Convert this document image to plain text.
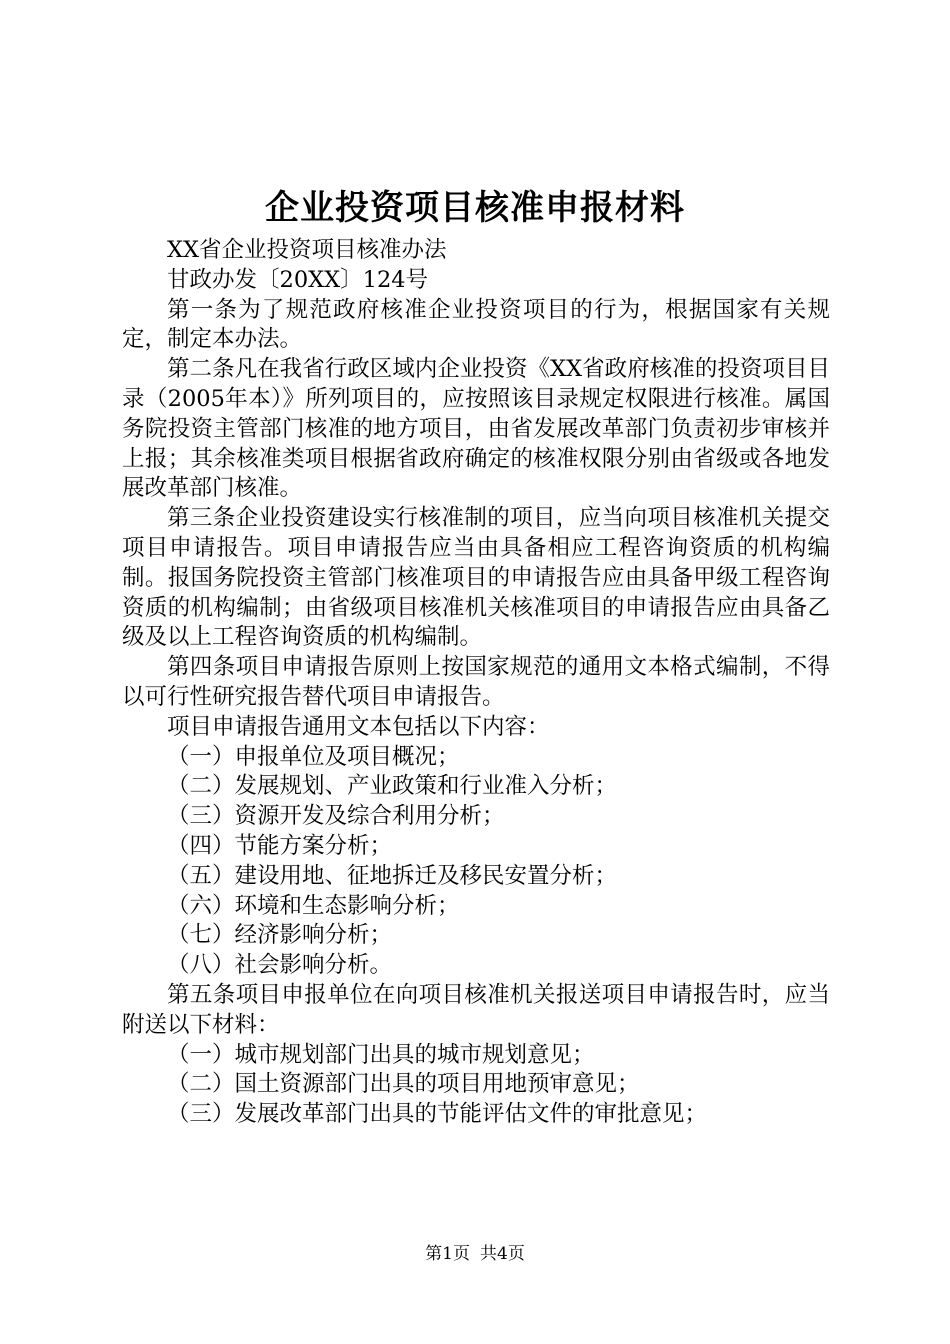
企业投资项目核准申报材料

XX省企业投资项目核准办法

甘政办发〔20XX〕124号

第一条为了规范政府核准企业投资项目的行为，根据国家有关规定，制定本办法。

第二条凡在我省行政区域内企业投资《XX省政府核准的投资项目目录（2005年本）》所列项目的，应按照该目录规定权限进行核准。属国务院投资主管部门核准的地方项目，由省发展改革部门负责初步审核并上报；其余核准类项目根据省政府确定的核准权限分别由省级或各地发展改革部门核准。

第三条企业投资建设实行核准制的项目，应当向项目核准机关提交项目申请报告。项目申请报告应当由具备相应工程咨询资质的机构编制。报国务院投资主管部门核准项目的申请报告应由具备甲级工程咨询资质的机构编制；由省级项目核准机关核准项目的申请报告应由具备乙级及以上工程咨询资质的机构编制。

第四条项目申请报告原则上按国家规范的通用文本格式编制，不得以可行性研究报告替代项目申请报告。

项目申请报告通用文本包括以下内容：

（一）申报单位及项目概况；

（二）发展规划、产业政策和行业准入分析；

（三）资源开发及综合利用分析；

（四）节能方案分析；

（五）建设用地、征地拆迁及移民安置分析；

（六）环境和生态影响分析；

（七）经济影响分析；

（八）社会影响分析。

第五条项目申报单位在向项目核准机关报送项目申请报告时，应当附送以下材料：

（一）城市规划部门出具的城市规划意见；

（二）国土资源部门出具的项目用地预审意见；

（三）发展改革部门出具的节能评估文件的审批意见；

第1页 共4页
